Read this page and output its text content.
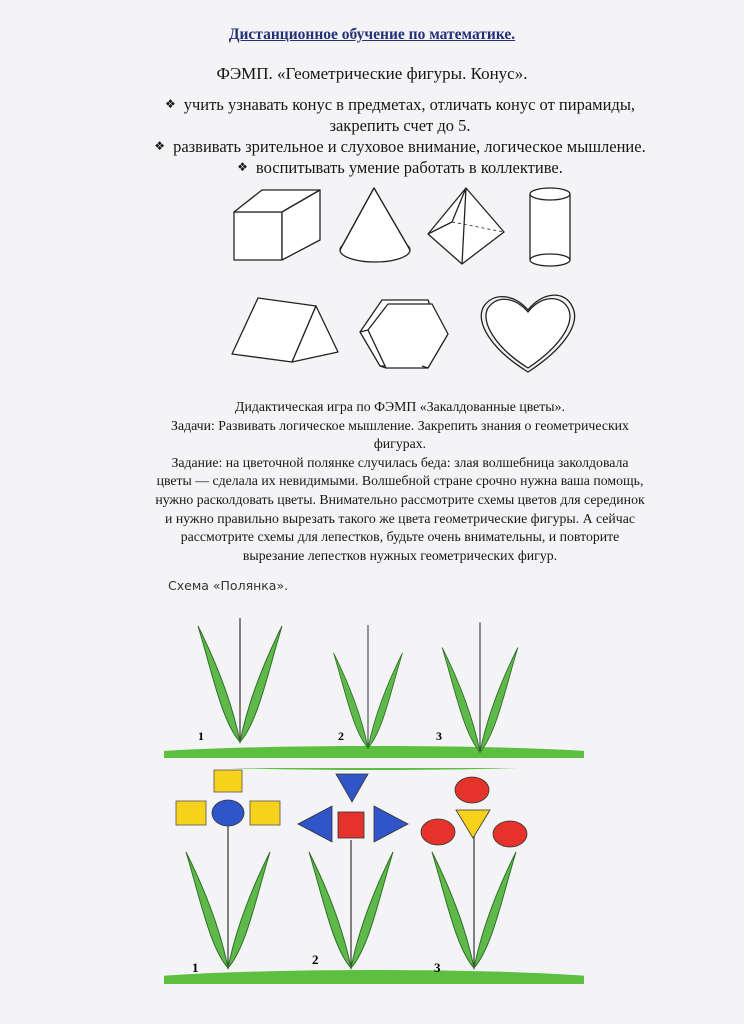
Дистанционное обучение по математике.
ФЭМП. «Геометрические фигуры. Конус».
❖ учить узнавать конус в предметах, отличать конус от пирамиды,
закрепить счет до 5.
❖ развивать зрительное и слуховое внимание, логическое мышление.
❖ воспитывать умение работать в коллективе.
Дидактическая игра по ФЭМП «Закалдованные цветы».
Задачи: Развивать логическое мышление. Закрепить знания о геометрических
фигурах.
Задание: на цветочной полянке случилась беда: злая волшебница заколдовала
цветы — сделала их невидимыми. Волшебной стране срочно нужна ваша помощь,
нужно расколдовать цветы. Внимательно рассмотрите схемы цветов для серединок
и нужно правильно вырезать такого же цвета геометрические фигуры. А сейчас
рассмотрите схемы для лепестков, будьте очень внимательны, и повторите
вырезание лепестков нужных геометрических фигур.
Схема «Полянка».
1	2	3
1
2
3
